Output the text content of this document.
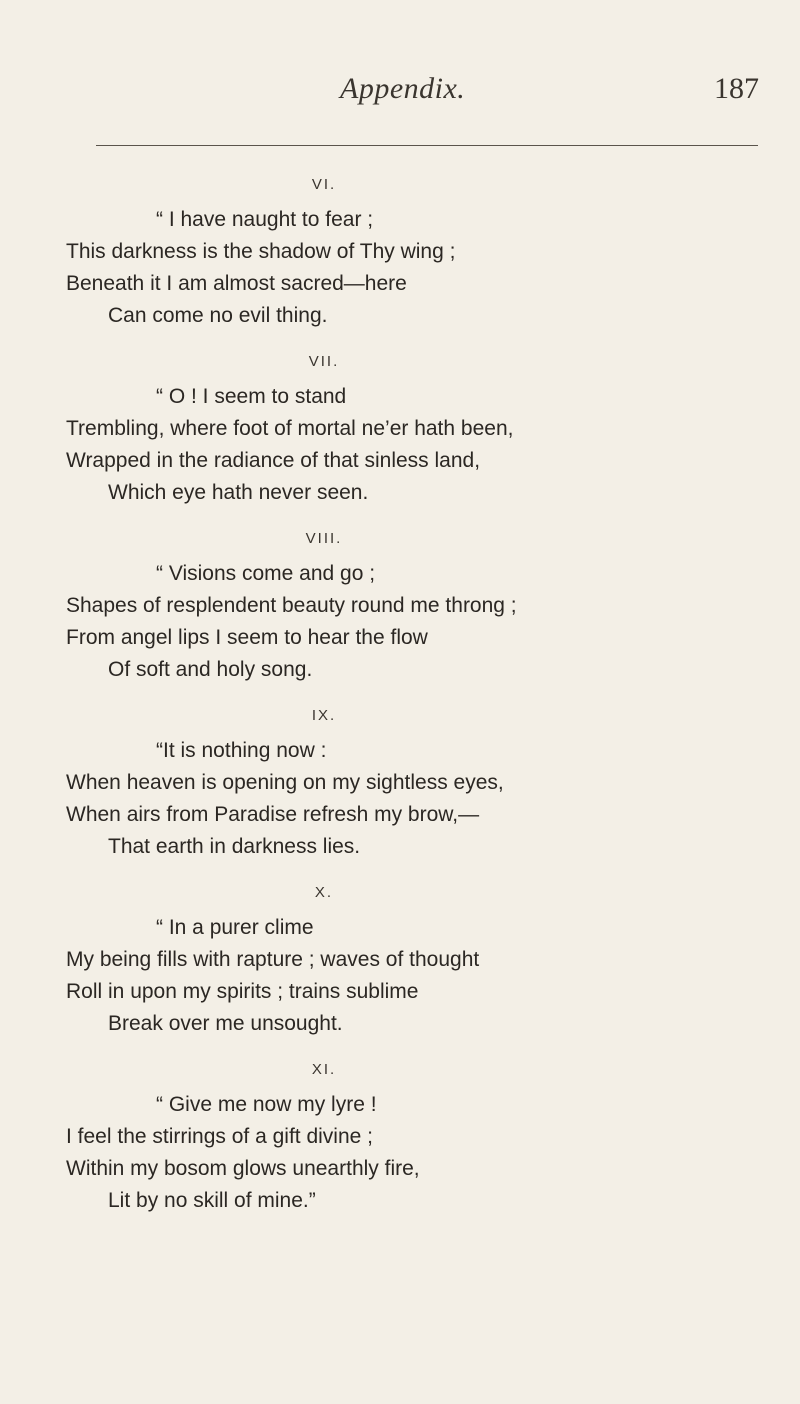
Appendix.	187
VI.
“ I have naught to fear ;
This darkness is the shadow of Thy wing ;
Beneath it I am almost sacred—here
Can come no evil thing.
VII.
“ O ! I seem to stand
Trembling, where foot of mortal ne’er hath been,
Wrapped in the radiance of that sinless land,
Which eye hath never seen.
VIII.
“ Visions come and go ;
Shapes of resplendent beauty round me throng ;
From angel lips I seem to hear the flow
Of soft and holy song.
IX.
“It is nothing now :
When heaven is opening on my sightless eyes,
When airs from Paradise refresh my brow,—
That earth in darkness lies.
X.
“ In a purer clime
My being fills with rapture ; waves of thought
Roll in upon my spirits ; trains sublime
Break over me unsought.
XI.
“ Give me now my lyre !
I feel the stirrings of a gift divine ;
Within my bosom glows unearthly fire,
Lit by no skill of mine.”
